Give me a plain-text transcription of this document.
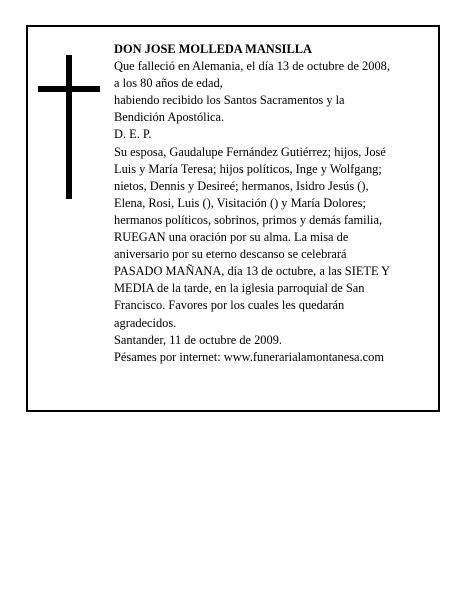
DON JOSE MOLLEDA MANSILLA
Que falleció en Alemania, el día 13 de octubre de 2008,
a los 80 años de edad,
habiendo recibido los Santos Sacramentos y la
Bendición Apostólica.
D. E. P.
Su esposa, Gaudalupe Fernández Gutiérrez; hijos, José
Luis y María Teresa; hijos políticos, Inge y Wolfgang;
nietos, Dennis y Desireé; hermanos, Isidro Jesús (),
Elena, Rosi, Luis (), Visitación () y María Dolores;
hermanos políticos, sobrinos, primos y demás familia,
RUEGAN una oración por su alma. La misa de
aniversario por su eterno descanso se celebrará
PASADO MAÑANA, día 13 de octubre, a las SIETE Y
MEDIA de la tarde, en la iglesia parroquial de San
Francisco. Favores por los cuales les quedarán
agradecidos.
Santander, 11 de octubre de 2009.
Pésames por internet: www.funerarialamontanesa.com
